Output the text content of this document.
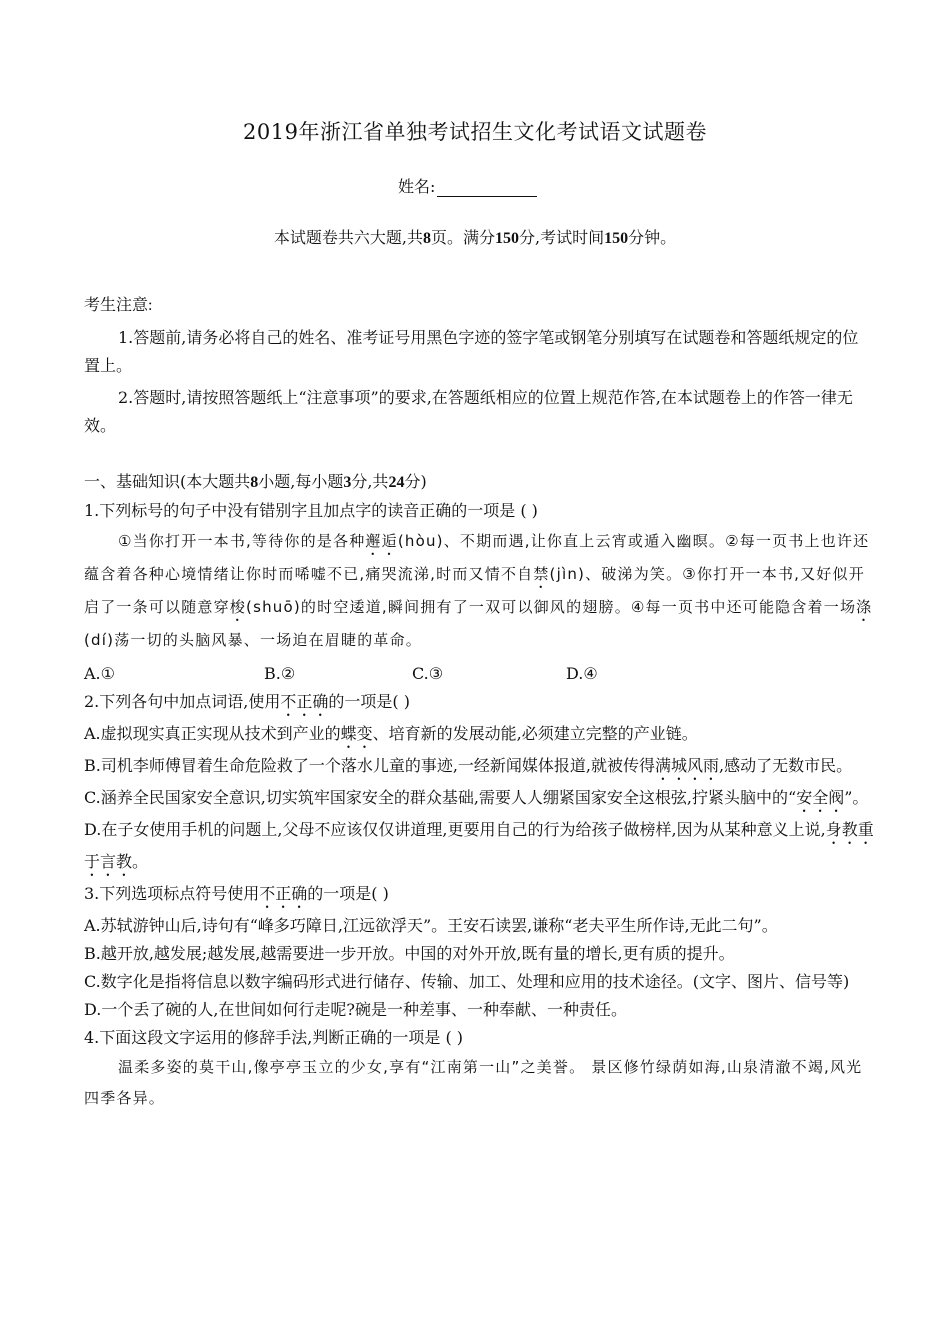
2019年浙江省单独考试招生文化考试语文试题卷
姓名:
本试题卷共六大题,共8页。满分150分,考试时间150分钟。

考生注意:

1.答题前,请务必将自己的姓名、准考证号用黑色字迹的签字笔或钢笔分别填写在试题卷和答题纸规定的位置上。

2.答题时,请按照答题纸上“注意事项”的要求,在答题纸相应的位置上规范作答,在本试题卷上的作答一律无效。

一、基础知识(本大题共8小题,每小题3分,共24分)

1.下列标号的句子中没有错别字且加点字的读音正确的一项是 ( )

①当你打开一本书,等待你的是各种邂逅(hòu)、不期而遇,让你直上云宵或遁入幽暝。②每一页书上也许还蕴含着各种心境情绪让你时而唏嘘不已,痛哭流涕,时而又情不自禁(jìn)、破涕为笑。③你打开一本书,又好似开启了一条可以随意穿梭(shuō)的时空逶道,瞬间拥有了一双可以御风的翅膀。④每一页书中还可能隐含着一场涤(dí)荡一切的头脑风暴、一场迫在眉睫的革命。

A.①	B.②	C.③	D.④

2.下列各句中加点词语,使用不正确的一项是( )

A.虚拟现实真正实现从技术到产业的蝶变、培育新的发展动能,必须建立完整的产业链。

B.司机李师傅冒着生命危险救了一个落水儿童的事迹,一经新闻媒体报道,就被传得满城风雨,感动了无数市民。

C.涵养全民国家安全意识,切实筑牢国家安全的群众基础,需要人人绷紧国家安全这根弦,拧紧头脑中的“安全阀”。

D.在子女使用手机的问题上,父母不应该仅仅讲道理,更要用自己的行为给孩子做榜样,因为从某种意义上说,身教重于言教。

3.下列选项标点符号使用不正确的一项是( )

A.苏轼游钟山后,诗句有“峰多巧障日,江远欲浮天”。王安石读罢,谦称“老夫平生所作诗,无此二句”。

B.越开放,越发展;越发展,越需要进一步开放。中国的对外开放,既有量的增长,更有质的提升。

C.数字化是指将信息以数字编码形式进行储存、传输、加工、处理和应用的技术途径。(文字、图片、信号等)

D.一个丢了碗的人,在世间如何行走呢?碗是一种差事、一种奉献、一种责任。

4.下面这段文字运用的修辞手法,判断正确的一项是 ( )

温柔多姿的莫干山,像亭亭玉立的少女,享有“江南第一山”之美誉。 景区修竹绿荫如海,山泉清澈不竭,风光四季各异。
